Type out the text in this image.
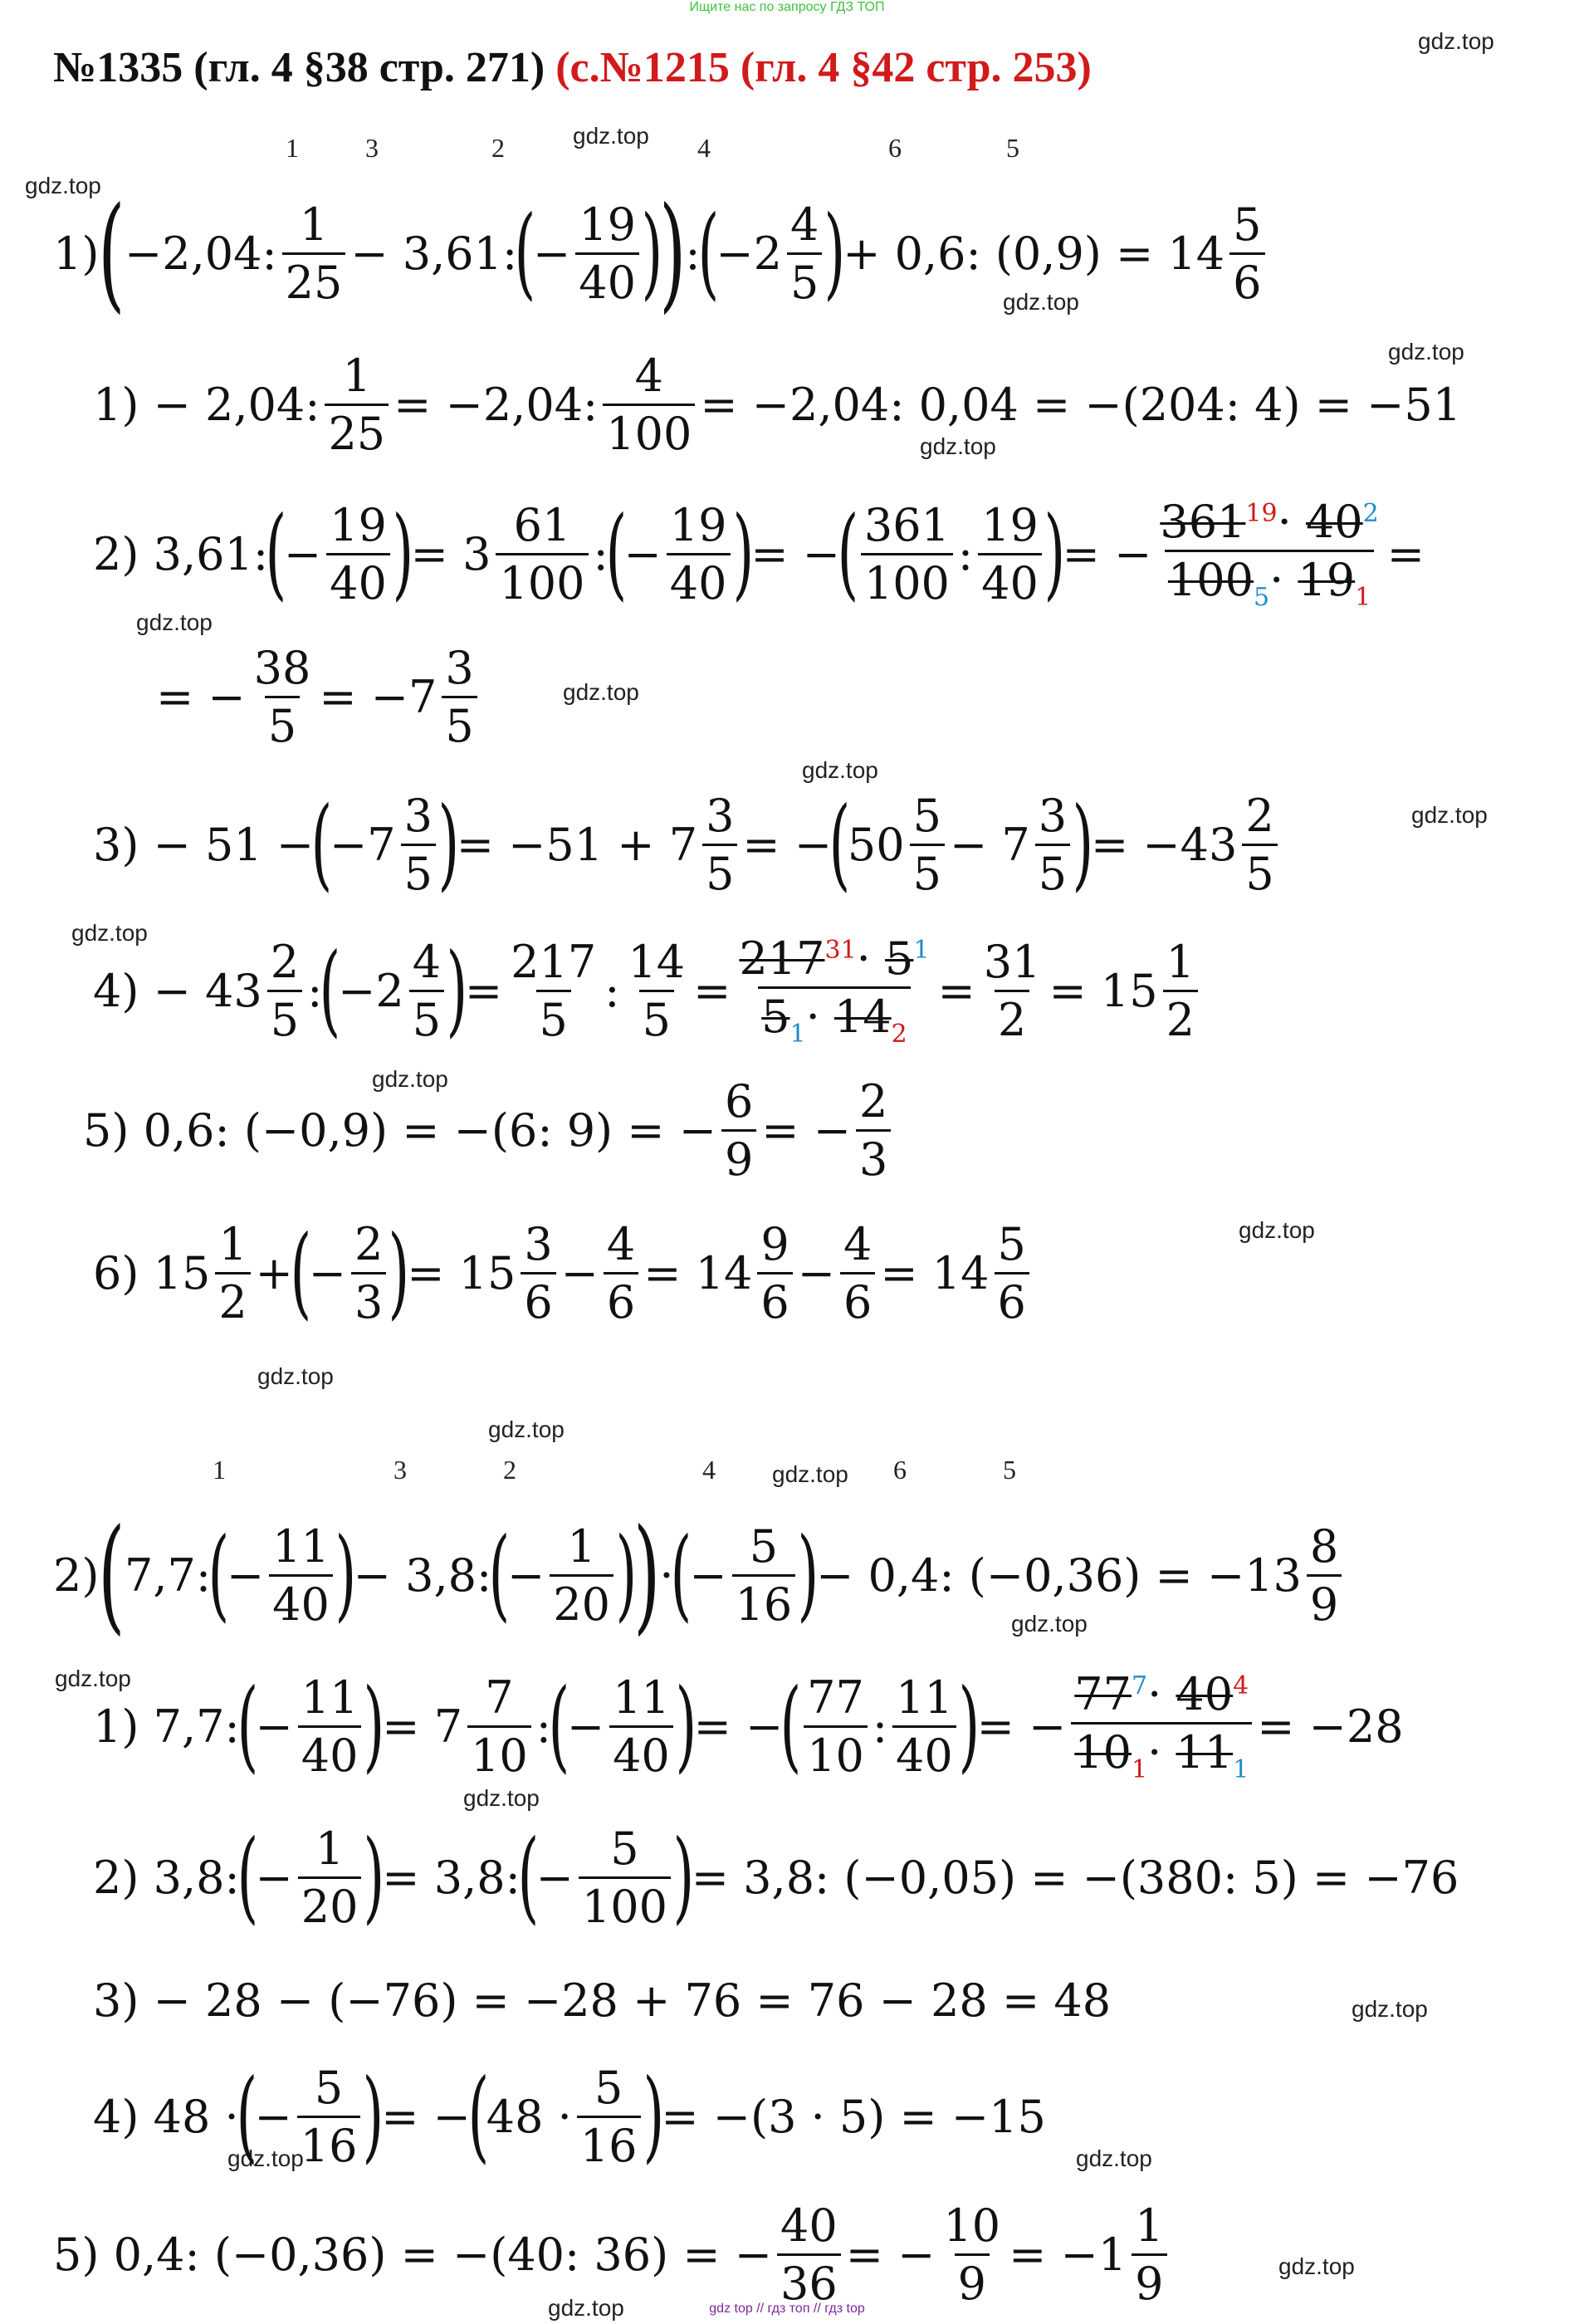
Ищите нас по запросу ГДЗ ТОП
№1335 (гл. 4 §38 стр. 271) (с.№1215 (гл. 4 §42 стр. 253)
gdz.top
gdz.top
gdz.top
gdz.top
gdz.top
gdz.top
gdz.top
gdz.top
gdz.top
gdz.top
gdz.top
gdz.top
gdz.top
gdz.top
gdz.top
gdz.top
gdz.top
gdz.top
gdz.top
gdz.top
gdz.top	gdz.top
gdz.top
gdz.top
1	3	2	4	6	5
1) ( −2,04: $\frac{1}{25} - 3,61$:
(
− $\frac{19}{40}$ )
) :
(
$-2 \frac{4}{5}$ )
+ 0,6: $(0,9) = 14 \frac{5}{6}$
1) − 2,04: $\frac{1}{25} = -2,04$: $\frac{4}{100} = -2,04$: 0,04 = −(204: 4) = −51
2) 3,61:
(
− $\frac{19}{40}$ )
= $3 \frac{61}{100}$ :
(
− $\frac{19}{40}$ )
= −
( $\frac{361}{100}$ : $\frac{19}{40}$ )
= − $\frac{361^{19}\cdot 40^2}{100_5\cdot 19_1}$ =
= − $\frac{38}{5} = -7 \frac{3}{5}$
3) − 51 −
(
$-7 \frac{3}{5}$ )
= $-51 + 7 \frac{3}{5}$ = −
(
$50 \frac{5}{5} - 7 \frac{3}{5}$ )
= $-43 \frac{2}{5}$
$4) - 43 \frac{2}{5}$ :
(
$-2 \frac{4}{5}$ )
= $\frac{217}{5}$ : $\frac{14}{5} = \frac{217^{31}\cdot 5^1}{5_1\cdot 14_2} = \frac{31}{2} = 15 \frac{1}{2}$
5) 0,6: (−0,9) = −(6: 9) = − $\frac{6}{9}$ = − $\frac{2}{3}$
6) $15 \frac{1}{2}$ +
(
− $\frac{2}{3}$ )
= $15 \frac{3}{6} - \frac{4}{6} = 14 \frac{9}{6} - \frac{4}{6} = 14 \frac{5}{6}$
1	3	2	4	6	5
2) ( 7,7:
(
− $\frac{11}{40}$ )
− 3,8:
(
− $\frac{1}{20}$ )
) ·
(
− $\frac{5}{16}$ )
− 0,4: $(-0,36) = -13 \frac{8}{9}$
1) 7,7:
(
− $\frac{11}{40}$ )
= $7 \frac{7}{10}$ :
(
− $\frac{11}{40}$ )
= −
( $\frac{77}{10}$ : $\frac{11}{40}$ )
= − $\frac{77^7\cdot 40^4}{10_1\cdot 11_1} = -28$
2) 3,8:
(
− $\frac{1}{20}$ )
= 3,8:
(
− $\frac{5}{100}$ )
= 3,8: (−0,05) = −(380: 5) = −76
3) − 28 − (−76) = −28 + 76 = 76 − 28 = 48
4) 48 ·
(
− $\frac{5}{16}$ )
= −
(
$48 \cdot \frac{5}{16}$ )
= −(3 · 5) = −15
5) 0,4: (−0,36) = −(40: 36) = − $\frac{40}{36}$ = − $\frac{10}{9} = -1 \frac{1}{9}$
gdz top // гдз топ // гдз top
